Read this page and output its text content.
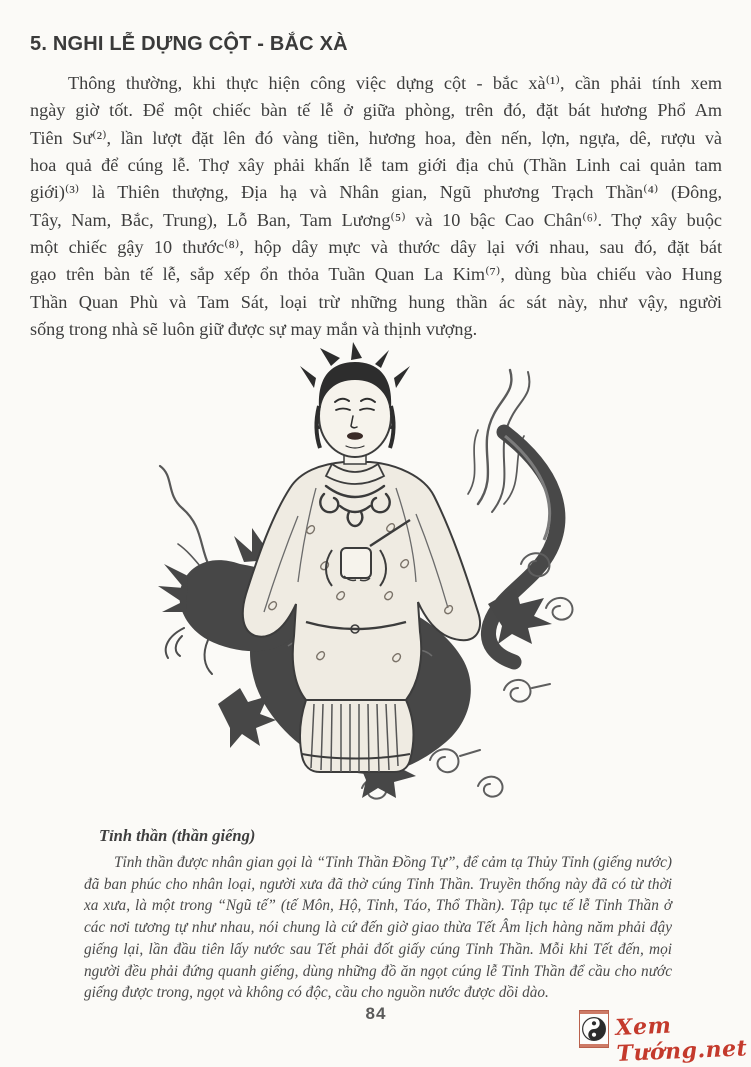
5. NGHI LỄ DỰNG CỘT - BẮC XÀ
Thông thường, khi thực hiện công việc dựng cột - bắc xà⁽¹⁾, cần phải tính xem
ngày giờ tốt. Để một chiếc bàn tế lễ ở giữa phòng, trên đó, đặt bát hương Phổ Am
Tiên Sư⁽²⁾, lần lượt đặt lên đó vàng tiền, hương hoa, đèn nến, lợn, ngựa, dê, rượu và
hoa quả để cúng lễ. Thợ xây phải khấn lễ tam giới địa chủ (Thần Linh cai quản tam
giới)⁽³⁾ là Thiên thượng, Địa hạ và Nhân gian, Ngũ phương Trạch Thần⁽⁴⁾ (Đông,
Tây, Nam, Bắc, Trung), Lỗ Ban, Tam Lương⁽⁵⁾ và 10 bậc Cao Chân⁽⁶⁾. Thợ xây buộc
một chiếc gậy 10 thước⁽⁸⁾, hộp dây mực và thước dây lại với nhau, sau đó, đặt bát
gạo trên bàn tế lễ, sắp xếp ổn thỏa Tuần Quan La Kim⁽⁷⁾, dùng bùa chiếu vào Hung
Thần Quan Phù và Tam Sát, loại trừ những hung thần ác sát này, như vậy, người
sống trong nhà sẽ luôn giữ được sự may mắn và thịnh vượng.
Tỉnh thần (thần giếng)
Tỉnh thần được nhân gian gọi là “Tỉnh Thần Đồng Tự”, để cảm tạ Thủy Tỉnh (giếng nước)
đã ban phúc cho nhân loại, người xưa đã thờ cúng Tỉnh Thần. Truyền thống này đã có từ thời
xa xưa, là một trong “Ngũ tế” (tế Môn, Hộ, Tỉnh, Táo, Thổ Thần). Tập tục tế lễ Tỉnh Thần ở
các nơi tương tự như nhau, nói chung là cứ đến giờ giao thừa Tết Âm lịch hàng năm phải đậy
giếng lại, lần đầu tiên lấy nước sau Tết phải đốt giấy cúng Tỉnh Thần. Mỗi khi Tết đến, mọi
người đều phải đứng quanh giếng, dùng những đồ ăn ngọt cúng lễ Tỉnh Thần để cầu cho nước
giếng được trong, ngọt và không có độc, cầu cho nguồn nước được dồi dào.
84	Xem Tướng.net
